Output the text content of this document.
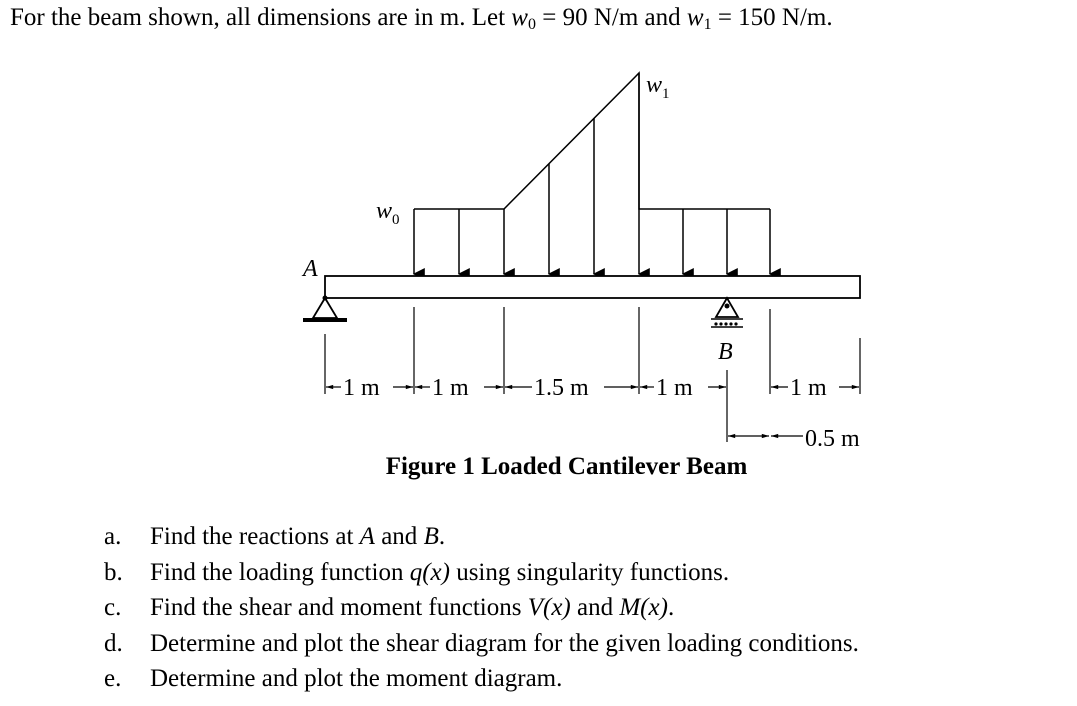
For the beam shown, all dimensions are in m. Let $w_0 = 90$ N/m and $w_1 = 150$ N/m.
$w_1$
$w_0$
A
B
1 m 1 m	1.5 m	1 m	1 m
0.5 m
Figure 1 Loaded Cantilever Beam
a. Find the reactions at A and B.
b. Find the loading function q(x) using singularity functions.
c. Find the shear and moment functions V(x) and M(x).
d. Determine and plot the shear diagram for the given loading conditions.
e. Determine and plot the moment diagram.
